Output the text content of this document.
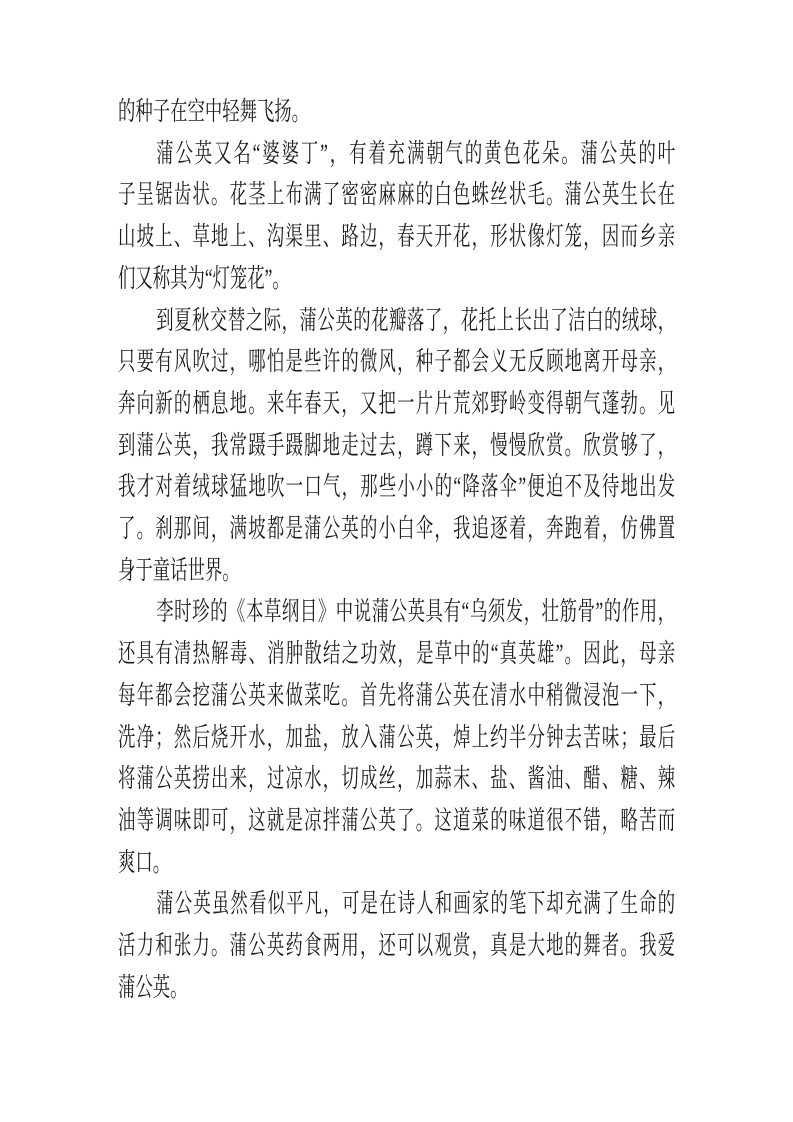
的种子在空中轻舞飞扬。
蒲公英又名“婆婆丁”，有着充满朝气的黄色花朵。蒲公英的叶
子呈锯齿状。花茎上布满了密密麻麻的白色蛛丝状毛。蒲公英生长在
山坡上、草地上、沟渠里、路边，春天开花，形状像灯笼，因而乡亲
们又称其为“灯笼花”。
到夏秋交替之际，蒲公英的花瓣落了，花托上长出了洁白的绒球，
只要有风吹过，哪怕是些许的微风，种子都会义无反顾地离开母亲，
奔向新的栖息地。来年春天，又把一片片荒郊野岭变得朝气蓬勃。见
到蒲公英，我常蹑手蹑脚地走过去，蹲下来，慢慢欣赏。欣赏够了，
我才对着绒球猛地吹一口气，那些小小的“降落伞”便迫不及待地出发
了。刹那间，满坡都是蒲公英的小白伞，我追逐着，奔跑着，仿佛置
身于童话世界。
李时珍的《本草纲目》中说蒲公英具有“乌须发，壮筋骨”的作用，
还具有清热解毒、消肿散结之功效，是草中的“真英雄”。因此，母亲
每年都会挖蒲公英来做菜吃。首先将蒲公英在清水中稍微浸泡一下，
洗净；然后烧开水，加盐，放入蒲公英，焯上约半分钟去苦味；最后
将蒲公英捞出来，过凉水，切成丝，加蒜末、盐、酱油、醋、糖、辣
油等调味即可，这就是凉拌蒲公英了。这道菜的味道很不错，略苦而
爽口。
蒲公英虽然看似平凡，可是在诗人和画家的笔下却充满了生命的
活力和张力。蒲公英药食两用，还可以观赏，真是大地的舞者。我爱
蒲公英。
